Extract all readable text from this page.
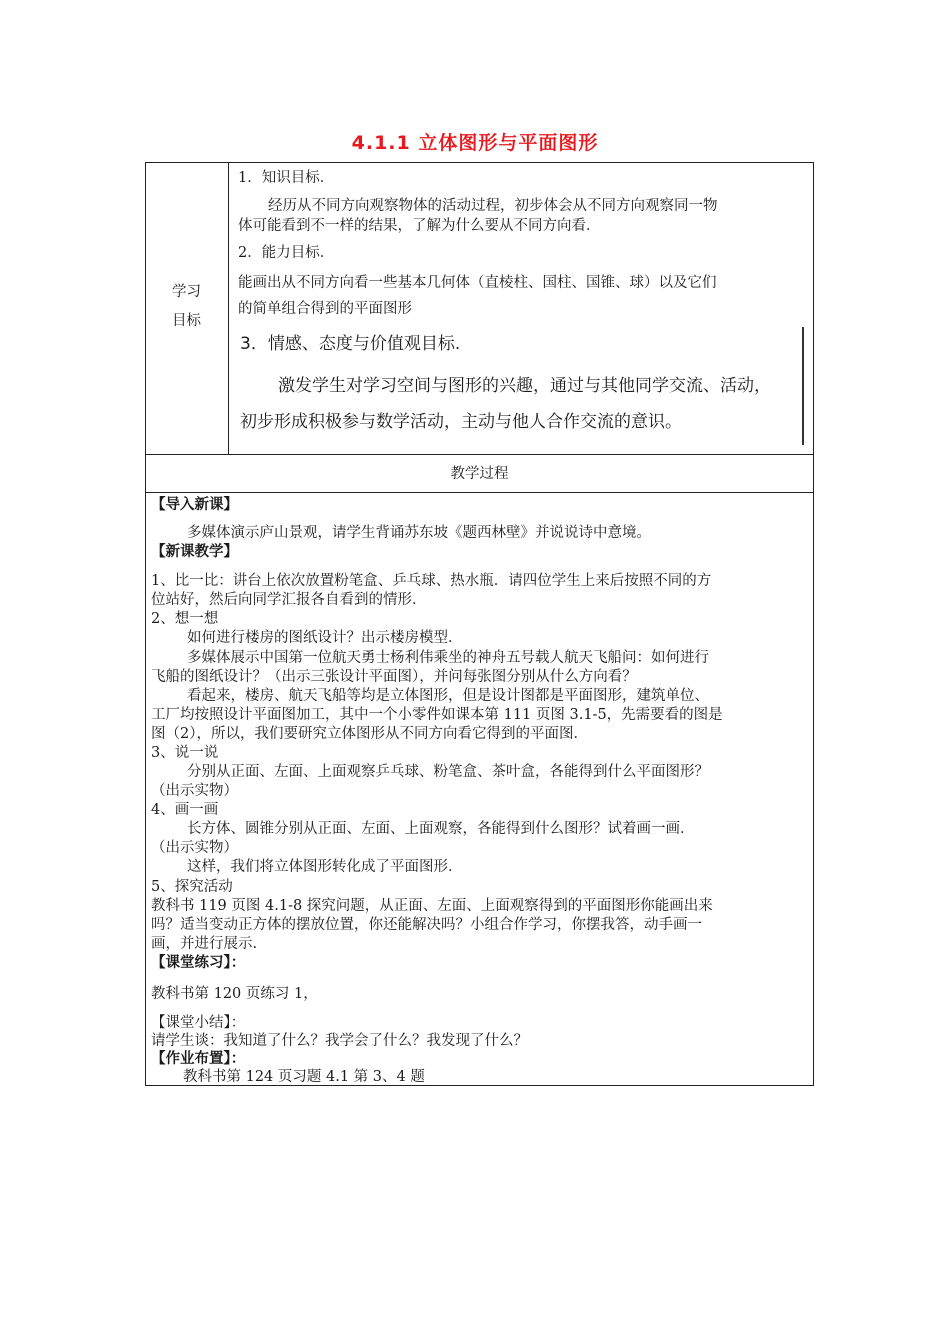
4.1.1 立体图形与平面图形
学习
目标
1．知识目标．
经历从不同方向观察物体的活动过程，初步体会从不同方向观察同一物
体可能看到不一样的结果，了解为什么要从不同方向看．
2．能力目标．
能画出从不同方向看一些基本几何体（直棱柱、国柱、国锥、球）以及它们
的简单组合得到的平面图形
3．情感、态度与价值观目标.
激发学生对学习空间与图形的兴趣，通过与其他同学交流、活动，
初步形成积极参与数学活动，主动与他人合作交流的意识。
教学过程
【导入新课】
多媒体演示庐山景观，请学生背诵苏东坡《题西林壁》并说说诗中意境。
【新课教学】
1、比一比：讲台上依次放置粉笔盒、乒乓球、热水瓶．请四位学生上来后按照不同的方
位站好，然后向同学汇报各自看到的情形．
2、想一想
如何进行楼房的图纸设计？出示楼房模型．
多媒体展示中国第一位航天勇士杨利伟乘坐的神舟五号载人航天飞船问：如何进行
飞船的图纸设计？（出示三张设计平面图），并问每张图分别从什么方向看？
看起来，楼房、航天飞船等均是立体图形，但是设计图都是平面图形，建筑单位、
工厂均按照设计平面图加工，其中一个小零件如课本第 111 页图 3.1-5，先需要看的图是
图（2），所以，我们要研究立体图形从不同方向看它得到的平面图．
3、说一说
分别从正面、左面、上面观察乒乓球、粉笔盒、茶叶盒，各能得到什么平面图形？
（出示实物）
4、画一画
长方体、圆锥分别从正面、左面、上面观察，各能得到什么图形？试着画一画．
（出示实物）
这样，我们将立体图形转化成了平面图形．
5、探究活动
教科书 119 页图 4.1-8 探究问题，从正面、左面、上面观察得到的平面图形你能画出来
吗？适当变动正方体的摆放位置，你还能解决吗？小组合作学习，你摆我答，动手画一
画，并进行展示.
【课堂练习】：
教科书第 120 页练习 1，
【课堂小结】：
请学生谈：我知道了什么？我学会了什么？我发现了什么？
【作业布置】：
教科书第 124 页习题 4.1 第 3、4 题
